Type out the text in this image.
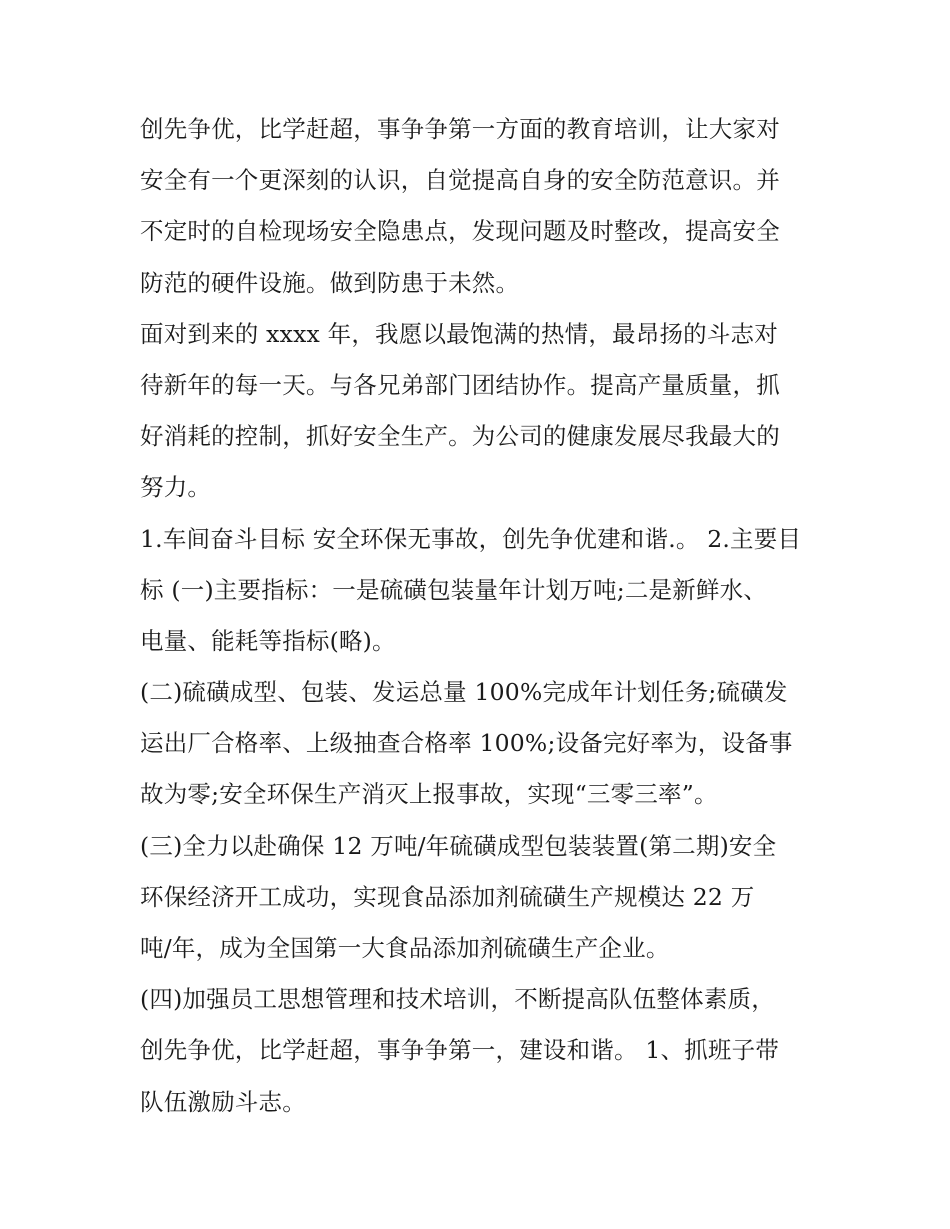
创先争优，比学赶超，事争争第一方面的教育培训，让大家对
安全有一个更深刻的认识，自觉提高自身的安全防范意识。并
不定时的自检现场安全隐患点，发现问题及时整改，提高安全
防范的硬件设施。做到防患于未然。

面对到来的 xxxx 年，我愿以最饱满的热情，最昂扬的斗志对
待新年的每一天。与各兄弟部门团结协作。提高产量质量，抓
好消耗的控制，抓好安全生产。为公司的健康发展尽我最大的
努力。

1.车间奋斗目标 安全环保无事故，创先争优建和谐.。 2.主要目
标 (一)主要指标：一是硫磺包装量年计划万吨;二是新鲜水、
电量、能耗等指标(略)。

(二)硫磺成型、包装、发运总量 100%完成年计划任务;硫磺发
运出厂合格率、上级抽查合格率 100%;设备完好率为，设备事
故为零;安全环保生产消灭上报事故，实现“三零三率”。

(三)全力以赴确保 12 万吨/年硫磺成型包装装置(第二期)安全
环保经济开工成功，实现食品添加剂硫磺生产规模达 22 万
吨/年，成为全国第一大食品添加剂硫磺生产企业。

(四)加强员工思想管理和技术培训，不断提高队伍整体素质，
创先争优，比学赶超，事争争第一，建设和谐。 1、抓班子带
队伍激励斗志。
